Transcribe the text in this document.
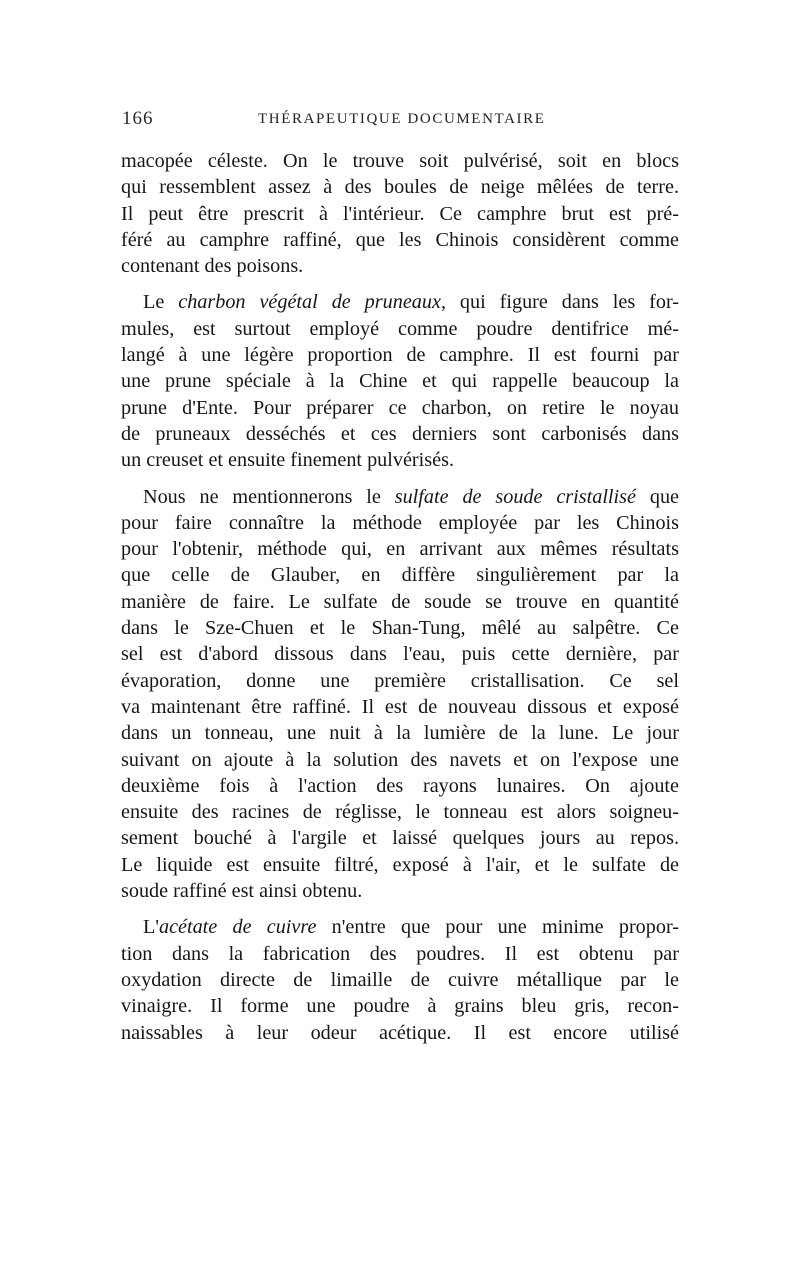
166	THÉRAPEUTIQUE DOCUMENTAIRE
macopée céleste. On le trouve soit pulvérisé, soit en blocs
qui ressemblent assez à des boules de neige mêlées de terre.
Il peut être prescrit à l'intérieur. Ce camphre brut est pré-
féré au camphre raffiné, que les Chinois considèrent comme
contenant des poisons.
Le charbon végétal de pruneaux, qui figure dans les for-
mules, est surtout employé comme poudre dentifrice mé-
langé à une légère proportion de camphre. Il est fourni par
une prune spéciale à la Chine et qui rappelle beaucoup la
prune d'Ente. Pour préparer ce charbon, on retire le noyau
de pruneaux desséchés et ces derniers sont carbonisés dans
un creuset et ensuite finement pulvérisés.
Nous ne mentionnerons le sulfate de soude cristallisé que
pour faire connaître la méthode employée par les Chinois
pour l'obtenir, méthode qui, en arrivant aux mêmes résultats
que celle de Glauber, en diffère singulièrement par la
manière de faire. Le sulfate de soude se trouve en quantité
dans le Sze-Chuen et le Shan-Tung, mêlé au salpêtre. Ce
sel est d'abord dissous dans l'eau, puis cette dernière, par
évaporation, donne une première cristallisation. Ce sel
va maintenant être raffiné. Il est de nouveau dissous et exposé
dans un tonneau, une nuit à la lumière de la lune. Le jour
suivant on ajoute à la solution des navets et on l'expose une
deuxième fois à l'action des rayons lunaires. On ajoute
ensuite des racines de réglisse, le tonneau est alors soigneu-
sement bouché à l'argile et laissé quelques jours au repos.
Le liquide est ensuite filtré, exposé à l'air, et le sulfate de
soude raffiné est ainsi obtenu.
L'acétate de cuivre n'entre que pour une minime propor-
tion dans la fabrication des poudres. Il est obtenu par
oxydation directe de limaille de cuivre métallique par le
vinaigre. Il forme une poudre à grains bleu gris, recon-
naissables à leur odeur acétique. Il est encore utilisé
